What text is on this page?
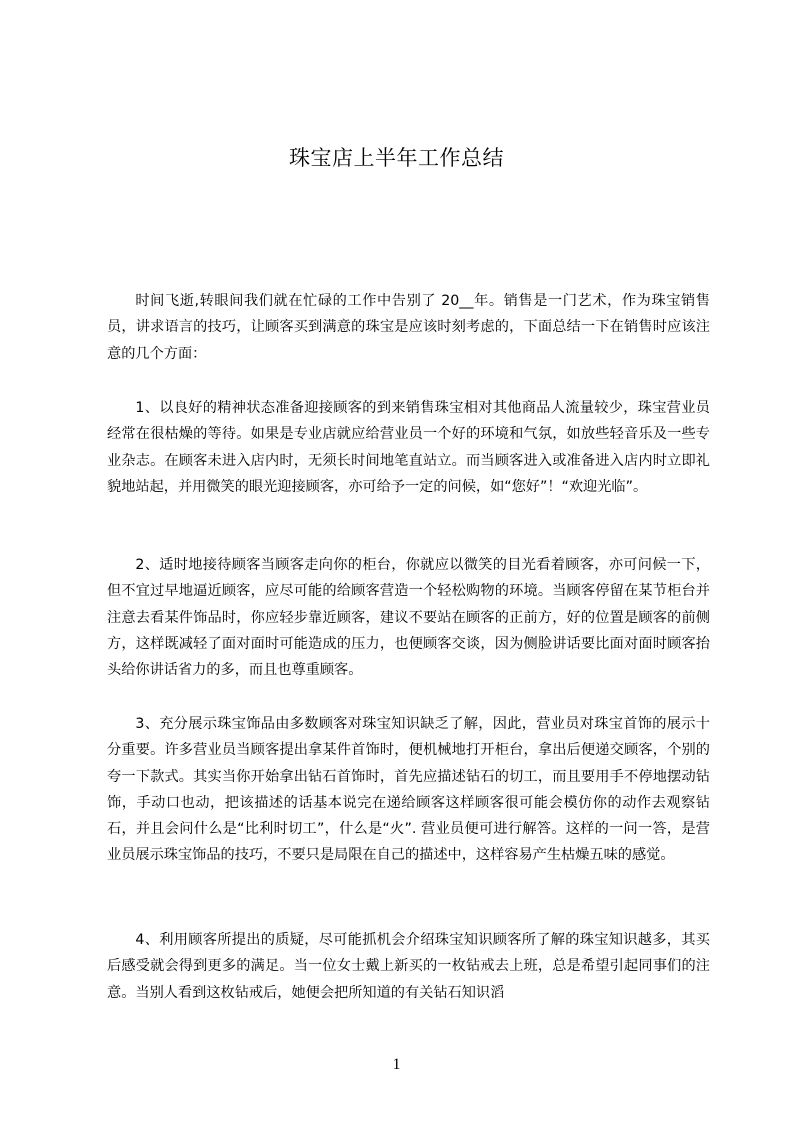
珠宝店上半年工作总结

时间飞逝,转眼间我们就在忙碌的工作中告别了 20__年。销售是一门艺术，作为珠宝销售员，讲求语言的技巧，让顾客买到满意的珠宝是应该时刻考虑的，下面总结一下在销售时应该注意的几个方面：

1、以良好的精神状态准备迎接顾客的到来销售珠宝相对其他商品人流量较少，珠宝营业员经常在很枯燥的等待。如果是专业店就应给营业员一个好的环境和气氛，如放些轻音乐及一些专业杂志。在顾客未进入店内时，无须长时间地笔直站立。而当顾客进入或准备进入店内时立即礼貌地站起，并用微笑的眼光迎接顾客，亦可给予一定的问候，如“您好”！“欢迎光临”。

2、适时地接待顾客当顾客走向你的柜台，你就应以微笑的目光看着顾客，亦可问候一下，但不宜过早地逼近顾客，应尽可能的给顾客营造一个轻松购物的环境。当顾客停留在某节柜台并注意去看某件饰品时，你应轻步靠近顾客，建议不要站在顾客的正前方，好的位置是顾客的前侧方，这样既减轻了面对面时可能造成的压力，也便顾客交谈，因为侧脸讲话要比面对面时顾客抬头给你讲话省力的多，而且也尊重顾客。

3、充分展示珠宝饰品由多数顾客对珠宝知识缺乏了解，因此，营业员对珠宝首饰的展示十分重要。许多营业员当顾客提出拿某件首饰时，便机械地打开柜台，拿出后便递交顾客，个别的夸一下款式。其实当你开始拿出钻石首饰时，首先应描述钻石的切工，而且要用手不停地摆动钻饰，手动口也动，把该描述的话基本说完在递给顾客这样顾客很可能会模仿你的动作去观察钻石，并且会问什么是“比利时切工”，什么是“火”. 营业员便可进行解答。这样的一问一答，是营业员展示珠宝饰品的技巧，不要只是局限在自己的描述中，这样容易产生枯燥五味的感觉。

4、利用顾客所提出的质疑，尽可能抓机会介绍珠宝知识顾客所了解的珠宝知识越多，其买后感受就会得到更多的满足。当一位女士戴上新买的一枚钻戒去上班，总是希望引起同事们的注意。当别人看到这枚钻戒后，她便会把所知道的有关钻石知识滔

1
